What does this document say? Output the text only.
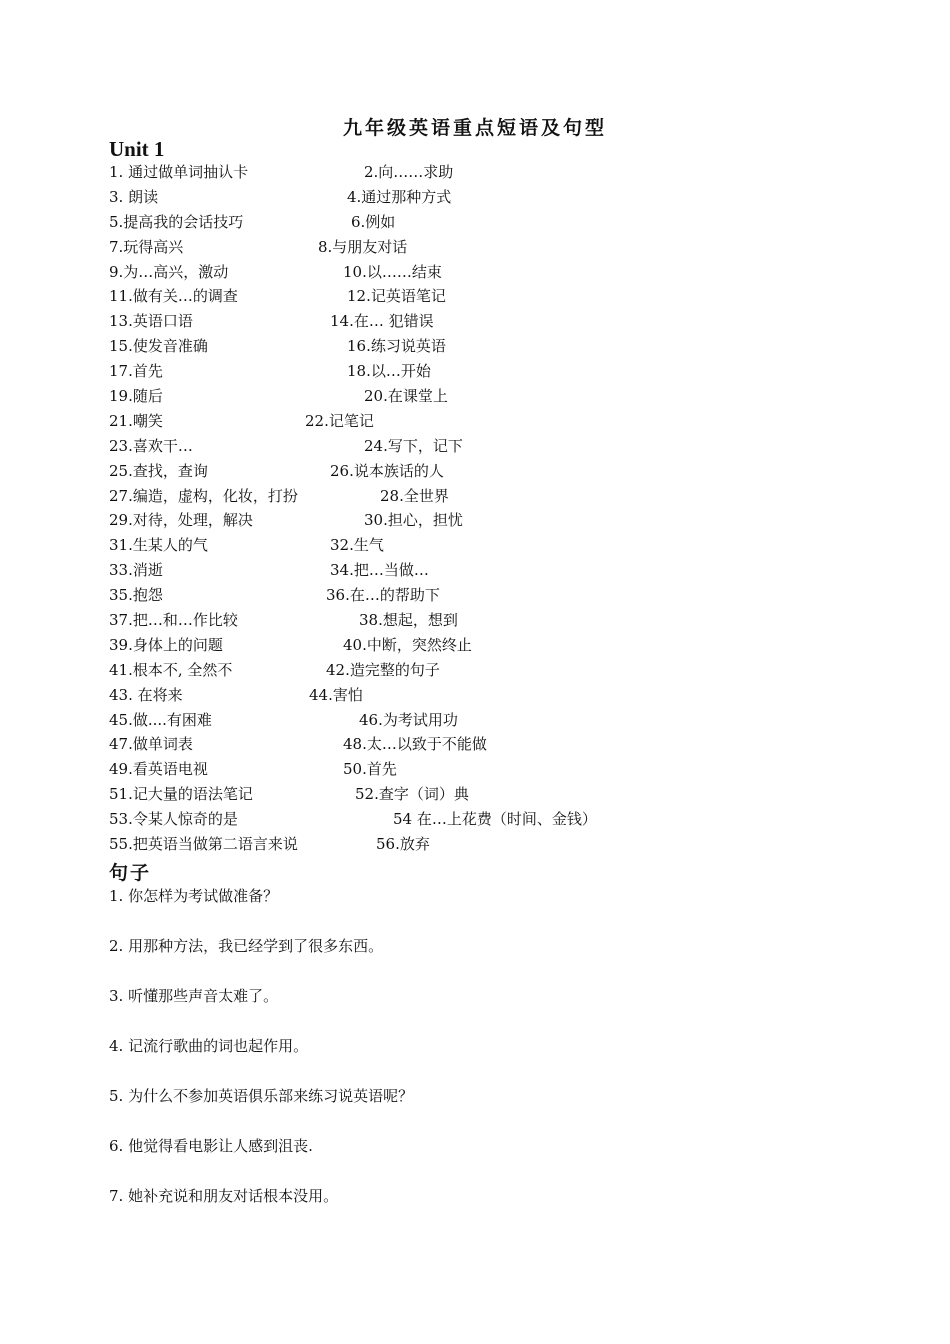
九年级英语重点短语及句型
Unit 1
1. 通过做单词抽认卡	2.向……求助
3. 朗读	4.通过那种方式
5.提高我的会话技巧	6.例如
7.玩得高兴	8.与朋友对话
9.为…高兴，激动	10.以……结束
11.做有关…的调查	12.记英语笔记
13.英语口语	14.在… 犯错误
15.使发音准确	16.练习说英语
17.首先	18.以…开始
19.随后	20.在课堂上
21.嘲笑	22.记笔记
23.喜欢干…	24.写下，记下
25.查找，查询	26.说本族话的人
27.编造，虚构，化妆，打扮	28.全世界
29.对待，处理，解决	30.担心，担忧
31.生某人的气	32.生气
33.消逝	34.把…当做…
35.抱怨	36.在…的帮助下
37.把…和…作比较	38.想起，想到
39.身体上的问题	40.中断，突然终止
41.根本不, 全然不	42.造完整的句子
43. 在将来	44.害怕
45.做....有困难	46.为考试用功
47.做单词表	48.太…以致于不能做
49.看英语电视	50.首先
51.记大量的语法笔记	52.查字（词）典
53.令某人惊奇的是	54 在…上花费（时间、金钱）
55.把英语当做第二语言来说	56.放弃
句子
1. 你怎样为考试做准备？
2. 用那种方法，我已经学到了很多东西。
3. 听懂那些声音太难了。
4. 记流行歌曲的词也起作用。
5. 为什么不参加英语俱乐部来练习说英语呢？
6. 他觉得看电影让人感到沮丧.
7. 她补充说和朋友对话根本没用。
